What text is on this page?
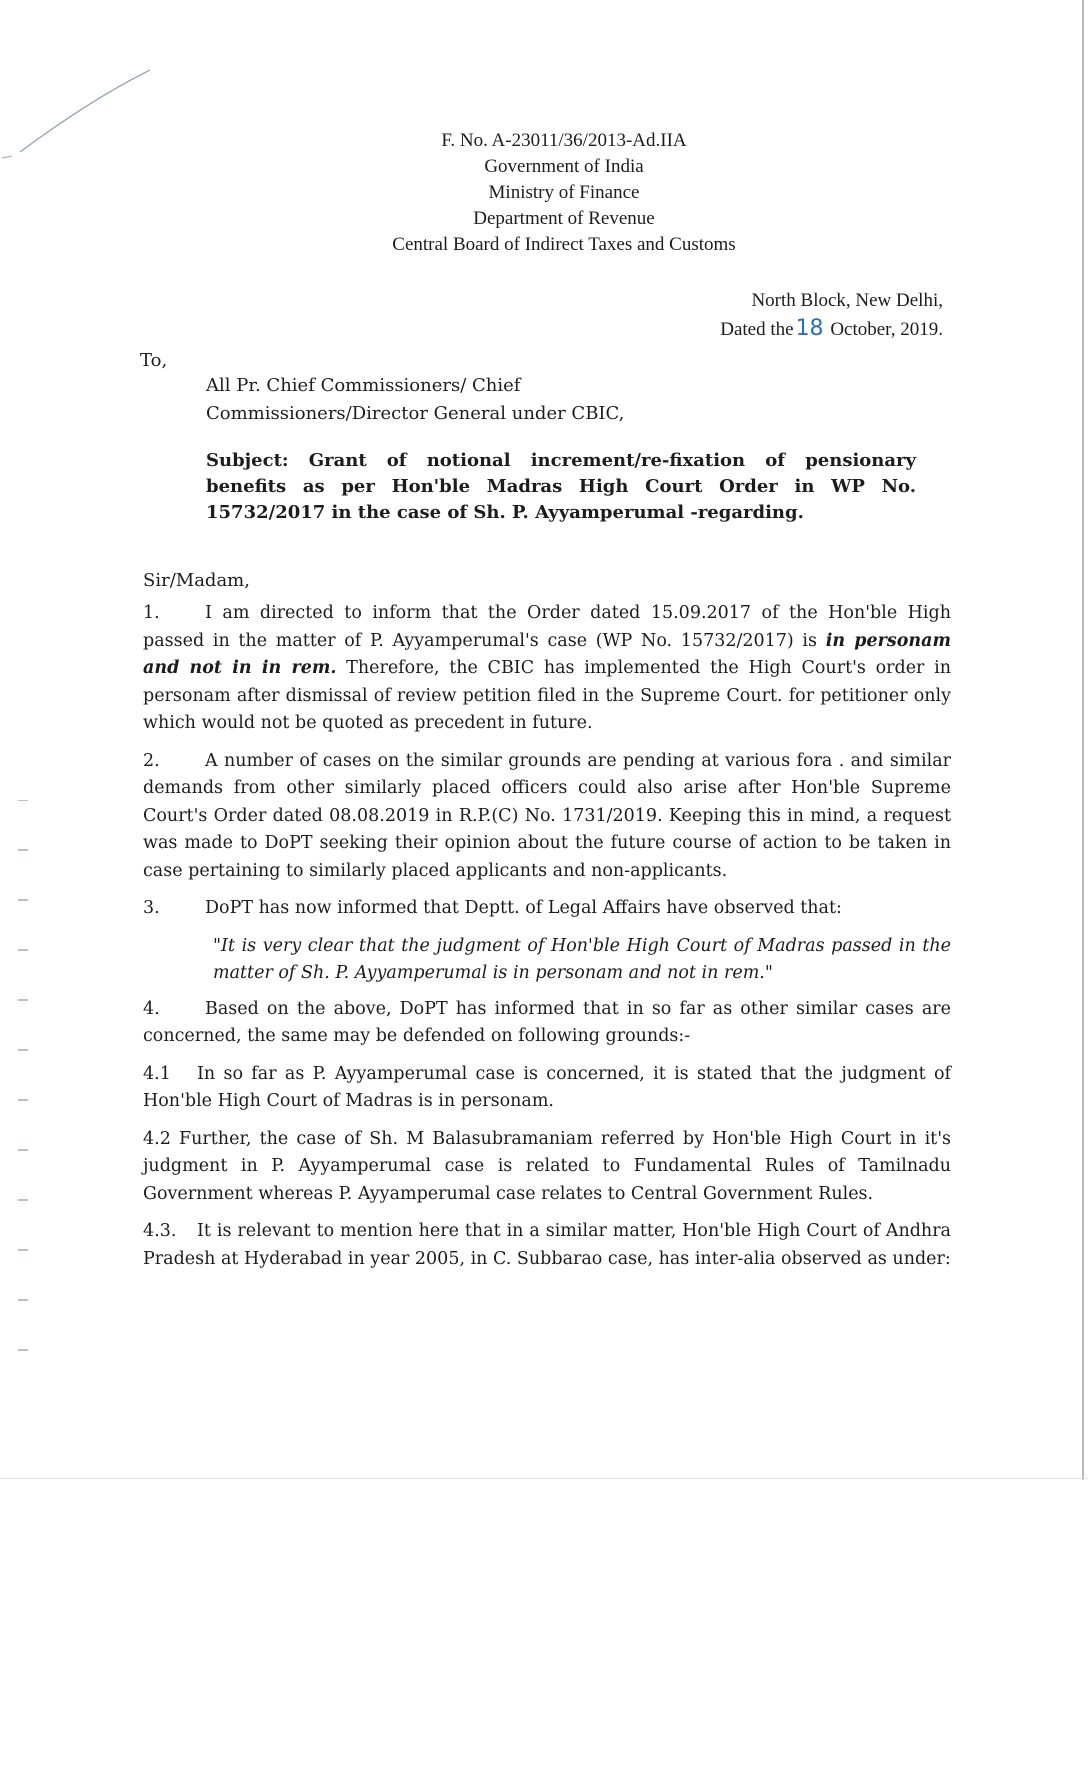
F. No. A-23011/36/2013-Ad.IIA
Government of India
Ministry of Finance
Department of Revenue
Central Board of Indirect Taxes and Customs
North Block, New Delhi,
Dated the18 October, 2019.
To,
All Pr. Chief Commissioners/ Chief
Commissioners/Director General under CBIC,
Subject: Grant of notional increment/re-fixation of pensionary benefits as per Hon'ble Madras High Court Order in WP No. 15732/2017 in the case of Sh. P. Ayyamperumal -regarding.
Sir/Madam,
1.	I am directed to inform that the Order dated 15.09.2017 of the Hon'ble High passed in the matter of P. Ayyamperumal's case (WP No. 15732/2017) is in personam and not in in rem. Therefore, the CBIC has implemented the High Court's order in personam after dismissal of review petition filed in the Supreme Court. for petitioner only which would not be quoted as precedent in future.
2.	A number of cases on the similar grounds are pending at various fora . and similar demands from other similarly placed officers could also arise after Hon'ble Supreme Court's Order dated 08.08.2019 in R.P.(C) No. 1731/2019. Keeping this in mind, a request was made to DoPT seeking their opinion about the future course of action to be taken in case pertaining to similarly placed applicants and non-applicants.
3.	DoPT has now informed that Deptt. of Legal Affairs have observed that:
"It is very clear that the judgment of Hon'ble High Court of Madras passed in the matter of Sh. P. Ayyamperumal is in personam and not in rem."
4.	Based on the above, DoPT has informed that in so far as other similar cases are concerned, the same may be defended on following grounds:-
4.1 In so far as P. Ayyamperumal case is concerned, it is stated that the judgment of Hon'ble High Court of Madras is in personam.
4.2 Further, the case of Sh. M Balasubramaniam referred by Hon'ble High Court in it's judgment in P. Ayyamperumal case is related to Fundamental Rules of Tamilnadu Government whereas P. Ayyamperumal case relates to Central Government Rules.
4.3. It is relevant to mention here that in a similar matter, Hon'ble High Court of Andhra Pradesh at Hyderabad in year 2005, in C. Subbarao case, has inter-alia observed as under:
